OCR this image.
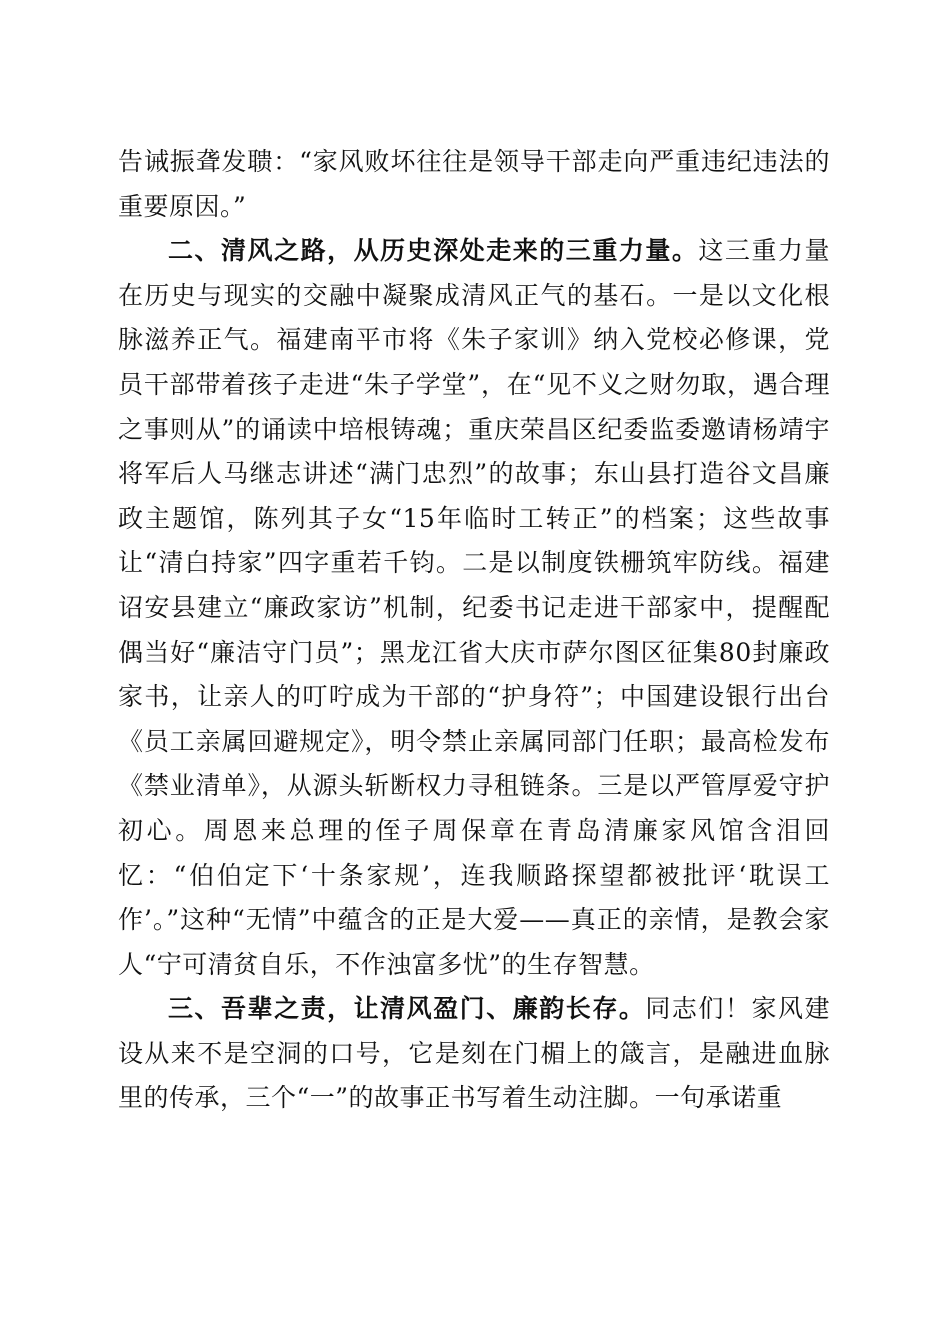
告诫振聋发聩：“家风败坏往往是领导干部走向严重违纪违法的重要原因。”

二、清风之路，从历史深处走来的三重力量。这三重力量在历史与现实的交融中凝聚成清风正气的基石。一是以文化根脉滋养正气。福建南平市将《朱子家训》纳入党校必修课，党员干部带着孩子走进“朱子学堂”，在“见不义之财勿取，遇合理之事则从”的诵读中培根铸魂；重庆荣昌区纪委监委邀请杨靖宇将军后人马继志讲述“满门忠烈”的故事；东山县打造谷文昌廉政主题馆，陈列其子女“15年临时工转正”的档案；这些故事让“清白持家”四字重若千钧。二是以制度铁栅筑牢防线。福建诏安县建立“廉政家访”机制，纪委书记走进干部家中，提醒配偶当好“廉洁守门员”；黑龙江省大庆市萨尔图区征集80封廉政家书，让亲人的叮咛成为干部的“护身符”；中国建设银行出台《员工亲属回避规定》，明令禁止亲属同部门任职；最高检发布《禁业清单》，从源头斩断权力寻租链条。三是以严管厚爱守护初心。周恩来总理的侄子周保章在青岛清廉家风馆含泪回忆：“伯伯定下‘十条家规’，连我顺路探望都被批评‘耽误工作’。”这种“无情”中蕴含的正是大爱——真正的亲情，是教会家人“宁可清贫自乐，不作浊富多忧”的生存智慧。

三、吾辈之责，让清风盈门、廉韵长存。同志们！家风建设从来不是空洞的口号，它是刻在门楣上的箴言，是融进血脉里的传承，三个“一”的故事正书写着生动注脚。一句承诺重
